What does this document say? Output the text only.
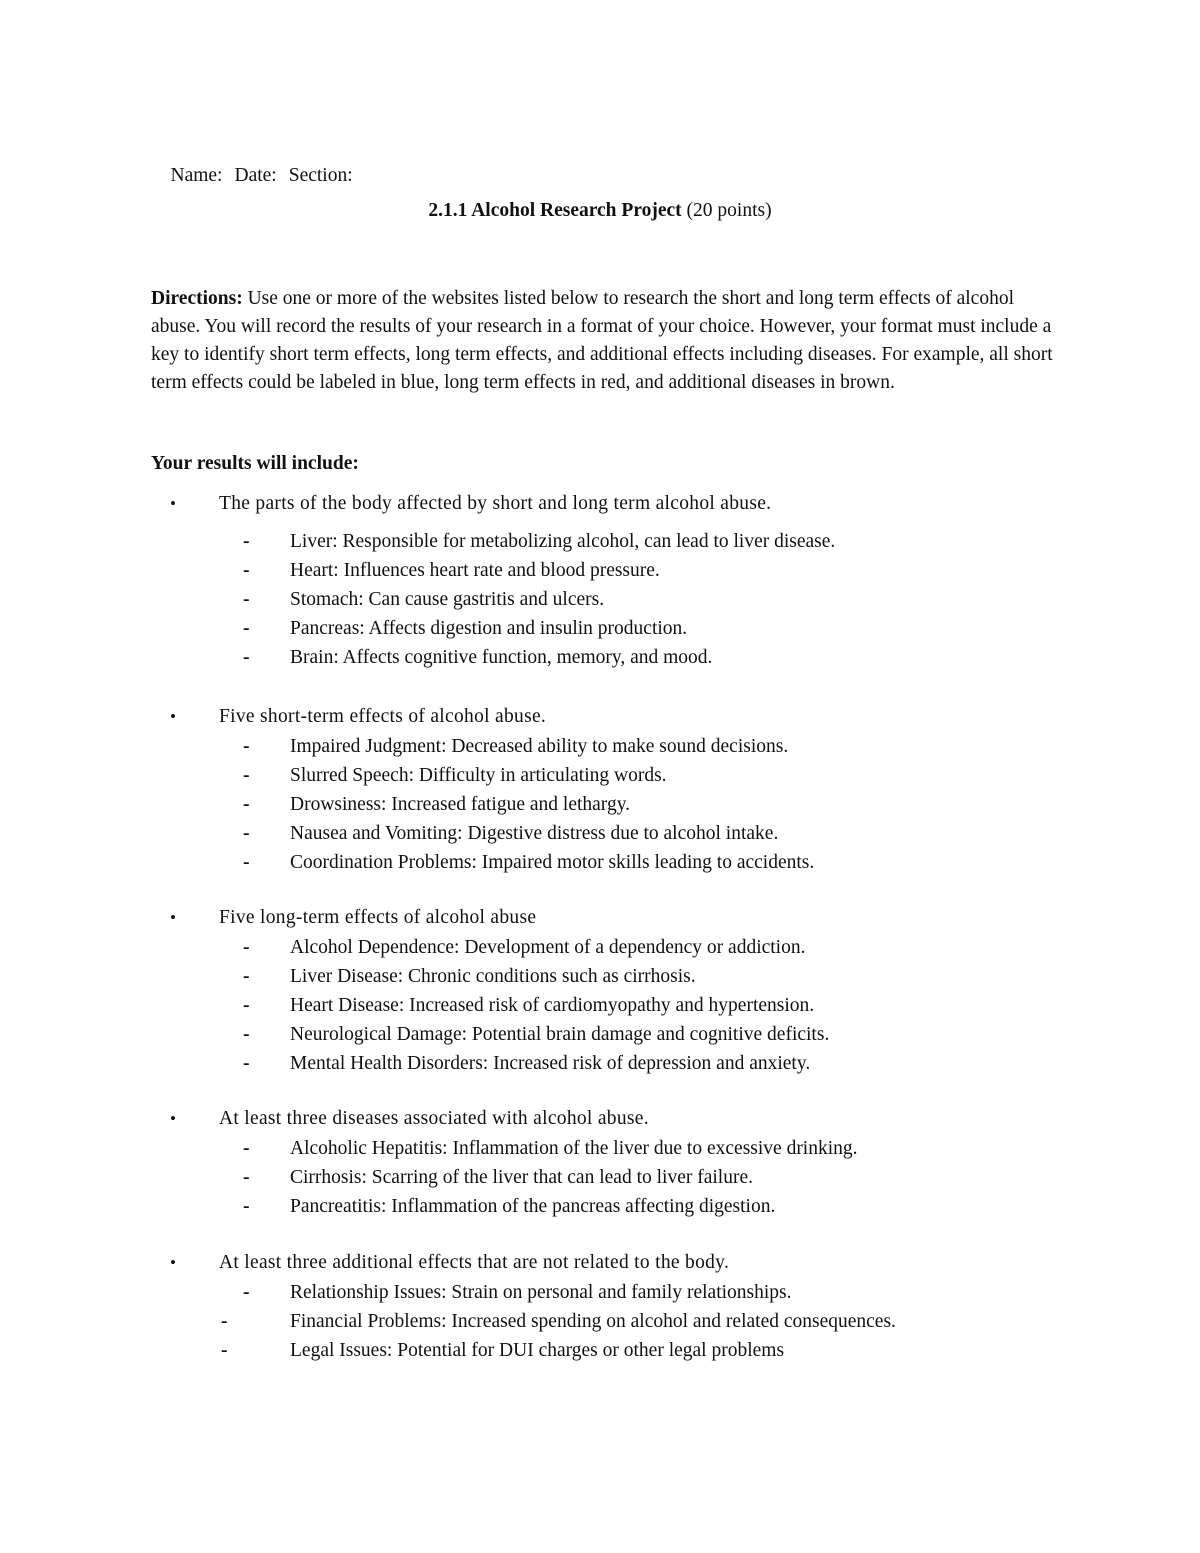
Name: Date: Section:

2.1.1 Alcohol Research Project (20 points)
Directions: Use one or more of the websites listed below to research the short and long term effects of alcohol abuse. You will record the results of your research in a format of your choice. However, your format must include a key to identify short term effects, long term effects, and additional effects including diseases. For example, all short term effects could be labeled in blue, long term effects in red, and additional diseases in brown.
Your results will include:
• The parts of the body affected by short and long term alcohol abuse.
- Liver: Responsible for metabolizing alcohol, can lead to liver disease.
- Heart: Influences heart rate and blood pressure.
- Stomach: Can cause gastritis and ulcers.
- Pancreas: Affects digestion and insulin production.
- Brain: Affects cognitive function, memory, and mood.
• Five short-term effects of alcohol abuse.
- Impaired Judgment: Decreased ability to make sound decisions.
- Slurred Speech: Difficulty in articulating words.
- Drowsiness: Increased fatigue and lethargy.
- Nausea and Vomiting: Digestive distress due to alcohol intake.
- Coordination Problems: Impaired motor skills leading to accidents.
• Five long-term effects of alcohol abuse
- Alcohol Dependence: Development of a dependency or addiction.
- Liver Disease: Chronic conditions such as cirrhosis.
- Heart Disease: Increased risk of cardiomyopathy and hypertension.
- Neurological Damage: Potential brain damage and cognitive deficits.
- Mental Health Disorders: Increased risk of depression and anxiety.
• At least three diseases associated with alcohol abuse.
- Alcoholic Hepatitis: Inflammation of the liver due to excessive drinking.
- Cirrhosis: Scarring of the liver that can lead to liver failure.
- Pancreatitis: Inflammation of the pancreas affecting digestion.
• At least three additional effects that are not related to the body.
- Relationship Issues: Strain on personal and family relationships.
-	Financial Problems: Increased spending on alcohol and related consequences.
-	Legal Issues: Potential for DUI charges or other legal problems
